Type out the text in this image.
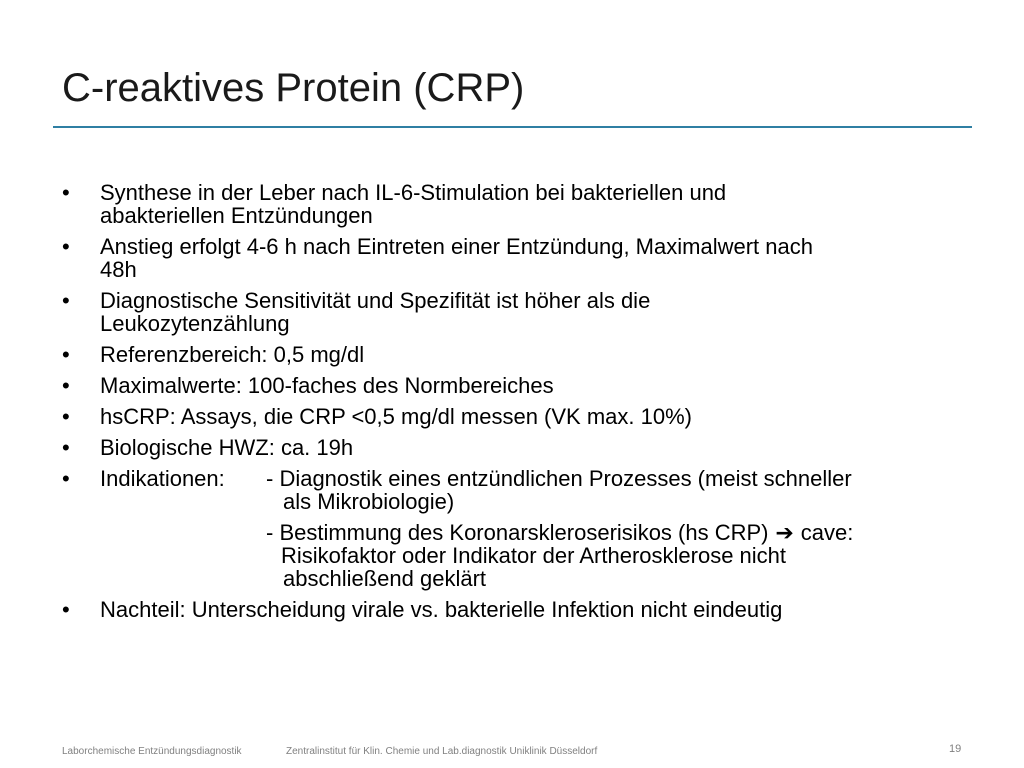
C-reaktives Protein (CRP)
• Synthese in der Leber nach IL-6-Stimulation bei bakteriellen und
abakteriellen Entzündungen
• Anstieg erfolgt 4-6 h nach Eintreten einer Entzündung, Maximalwert nach
48h
• Diagnostische Sensitivität und Spezifität ist höher als die
Leukozytenzählung
• Referenzbereich: 0,5 mg/dl
• Maximalwerte: 100-faches des Normbereiches
• hsCRP: Assays, die CRP <0,5 mg/dl messen (VK max. 10%)
• Biologische HWZ: ca. 19h
• Indikationen: - Diagnostik eines entzündlichen Prozesses (meist schneller
als Mikrobiologie)
- Bestimmung des Koronarskleroserisikos (hs CRP) ➔ cave:
Risikofaktor oder Indikator der Artherosklerose nicht
abschließend geklärt
• Nachteil: Unterscheidung virale vs. bakterielle Infektion nicht eindeutig
Laborchemische Entzündungsdiagnostik	Zentralinstitut für Klin. Chemie und Lab.diagnostik Uniklinik Düsseldorf	19
